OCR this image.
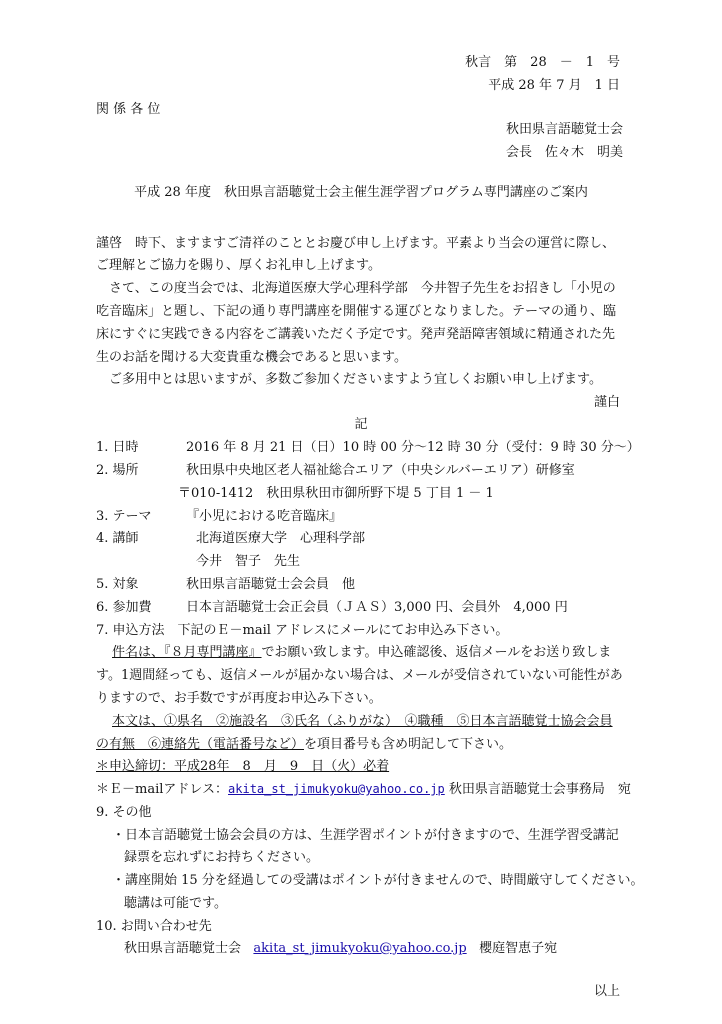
秋言　第　28　－　1　号
平成 28 年 7 月　1 日
関 係 各 位
秋田県言語聴覚士会
会長　佐々木　明美
平成 28 年度　秋田県言語聴覚士会主催生涯学習プログラム専門講座のご案内
謹啓　時下、ますますご清祥のこととお慶び申し上げます。平素より当会の運営に際し、
ご理解とご協力を賜り、厚くお礼申し上げます。
さて、この度当会では、北海道医療大学心理科学部　今井智子先生をお招きし「小児の
吃音臨床」と題し、下記の通り専門講座を開催する運びとなりました。テーマの通り、臨
床にすぐに実践できる内容をご講義いただく予定です。発声発語障害領域に精通された先
生のお話を聞ける大変貴重な機会であると思います。
ご多用中とは思いますが、多数ご参加くださいますよう宜しくお願い申し上げます。
謹白
記
1. 日時	2016 年 8 月 21 日（日）10 時 00 分～12 時 30 分（受付：9 時 30 分～）
2. 場所	秋田県中央地区老人福祉総合エリア（中央シルバーエリア）研修室
〒010-1412　秋田県秋田市御所野下堤 5 丁目 1 － 1
3. テーマ	『小児における吃音臨床』
4. 講師	北海道医療大学　心理科学部
今井　智子　先生
5. 対象	秋田県言語聴覚士会会員　他
6. 参加費	日本言語聴覚士会正会員（ＪＡＳ）3,000 円、会員外　4,000 円
7. 申込方法　下記のＥ－mail アドレスにメールにてお申込み下さい。
件名は、『８月専門講座』でお願い致します。申込確認後、返信メールをお送り致しま
す。1週間経っても、返信メールが届かない場合は、メールが受信されていない可能性があ
りますので、お手数ですが再度お申込み下さい。
本文は、①県名　②施設名　③氏名（ふりがな）　④職種　⑤日本言語聴覚士協会会員
の有無　⑥連絡先（電話番号など）を項目番号も含め明記して下さい。
＊申込締切：平成28年　8　月　9　日（火）必着
＊Ｅ－mailアドレス：akita_st_jimukyoku@yahoo.co.jp 秋田県言語聴覚士会事務局　宛
9. その他
・日本言語聴覚士協会会員の方は、生涯学習ポイントが付きますので、生涯学習受講記
録票を忘れずにお持ちください。
・講座開始 15 分を経過しての受講はポイントが付きませんので、時間厳守してください。
聴講は可能です。
10. お問い合わせ先
秋田県言語聴覚士会 akita_st_jimukyoku@yahoo.co.jp 櫻庭智恵子宛
以上
